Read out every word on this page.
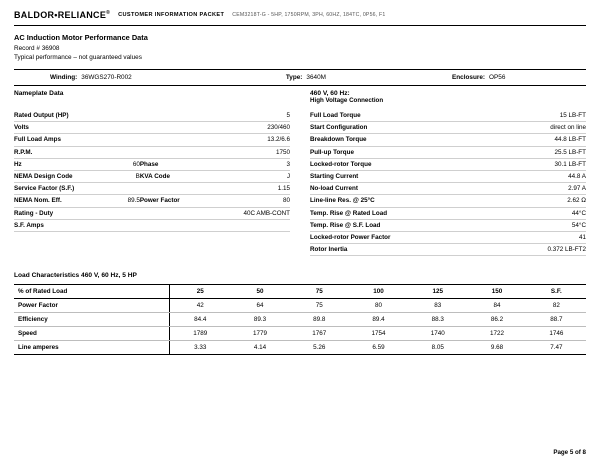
BALDOR•RELIANCE® CUSTOMER INFORMATION PACKET CEM3218T-G - 5HP, 1750RPM, 3PH, 60HZ, 184TC, 0P56, F1
AC Induction Motor Performance Data
Record # 36908
Typical performance – not guaranteed values
Winding: 36WGS270-R002	Type: 3640M	Enclosure: OP56
Nameplate Data
Rated Output (HP)			5
Volts			230/460
Full Load Amps			13.2/6.6
R.P.M.			1750
Hz	60	Phase	3
NEMA Design Code	B	KVA Code	J
Service Factor (S.F.)			1.15
NEMA Nom. Eff.	89.5	Power Factor	80
Rating - Duty			40C AMB-CONT
S.F. Amps			
460 V, 60 Hz:
High Voltage Connection
Full Load Torque	15 LB-FT
Start Configuration	direct on line
Breakdown Torque	44.8 LB-FT
Pull-up Torque	25.5 LB-FT
Locked-rotor Torque	30.1 LB-FT
Starting Current	44.8 A
No-load Current	2.97 A
Line-line Res. @ 25°C	2.62 Ω
Temp. Rise @ Rated Load	44°C
Temp. Rise @ S.F. Load	54°C
Locked-rotor Power Factor	41
Rotor Inertia	0.372 LB-FT2
Load Characteristics 460 V, 60 Hz, 5 HP
% of Rated Load	25	50	75	100	125	150	S.F.
Power Factor	42	64	75	80	83	84	82
Efficiency	84.4	89.3	89.8	89.4	88.3	86.2	88.7
Speed	1789	1779	1767	1754	1740	1722	1746
Line amperes	3.33	4.14	5.26	6.59	8.05	9.68	7.47
Page 5 of 8
